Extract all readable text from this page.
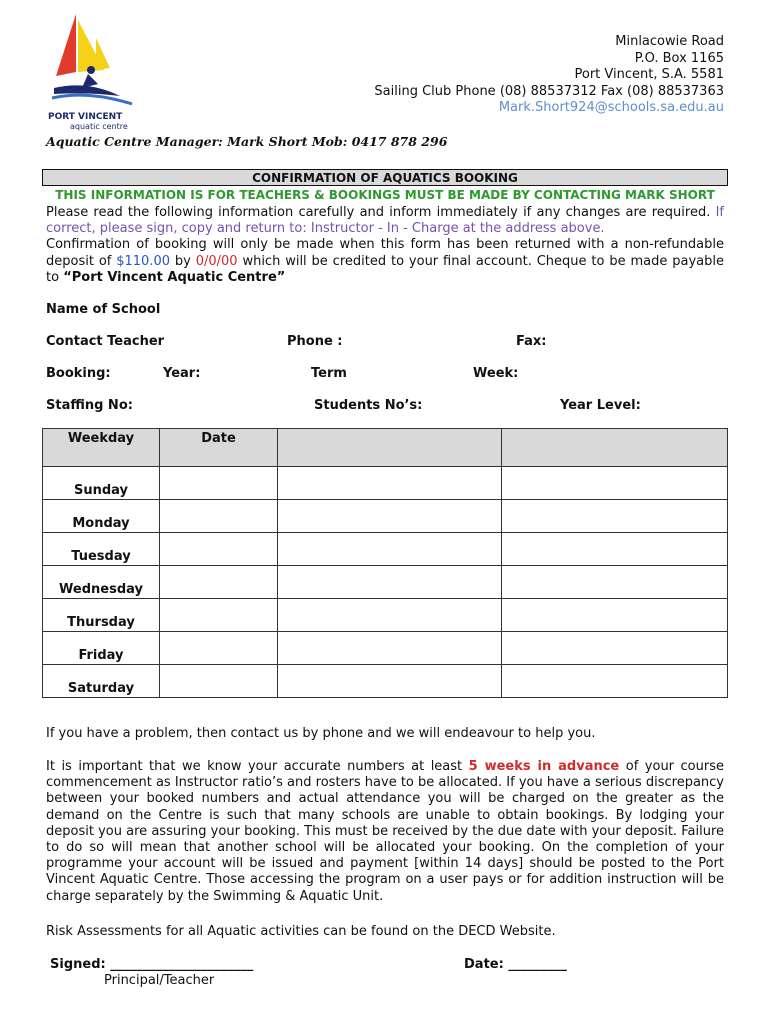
PORT VINCENT
aquatic centre
Minlacowie Road
P.O. Box 1165
Port Vincent, S.A. 5581
Sailing Club Phone (08) 88537312 Fax (08) 88537363
Mark.Short924@schools.sa.edu.au
Aquatic Centre Manager: Mark Short Mob: 0417 878 296
CONFIRMATION OF AQUATICS BOOKING
THIS INFORMATION IS FOR TEACHERS & BOOKINGS MUST BE MADE BY CONTACTING MARK SHORT
Please read the following information carefully and inform immediately if any changes are required. If correct, please sign, copy and return to: Instructor - In - Charge at the address above.
Confirmation of booking will only be made when this form has been returned with a non-refundable deposit of $110.00 by 0/0/00 which will be credited to your final account. Cheque to be made payable to “Port Vincent Aquatic Centre”
Name of School
Contact Teacher	Phone :	Fax:
Booking:	Year:	Term	Week:
Staffing No:	Students No’s:	Year Level:
Weekday	Date		
Sunday			
Monday			
Tuesday			
Wednesday			
Thursday			
Friday			
Saturday			
If you have a problem, then contact us by phone and we will endeavour to help you.
It is important that we know your accurate numbers at least 5 weeks in advance of your course commencement as Instructor ratio’s and rosters have to be allocated. If you have a serious discrepancy between your booked numbers and actual attendance you will be charged on the greater as the demand on the Centre is such that many schools are unable to obtain bookings. By lodging your deposit you are assuring your booking. This must be received by the due date with your deposit. Failure to do so will mean that another school will be allocated your booking. On the completion of your programme your account will be issued and payment [within 14 days] should be posted to the Port Vincent Aquatic Centre. Those accessing the program on a user pays or for addition instruction will be charge separately by the Swimming & Aquatic Unit.
Risk Assessments for all Aquatic activities can be found on the DECD Website.
Signed: ______________________
Principal/Teacher
Date: _________
